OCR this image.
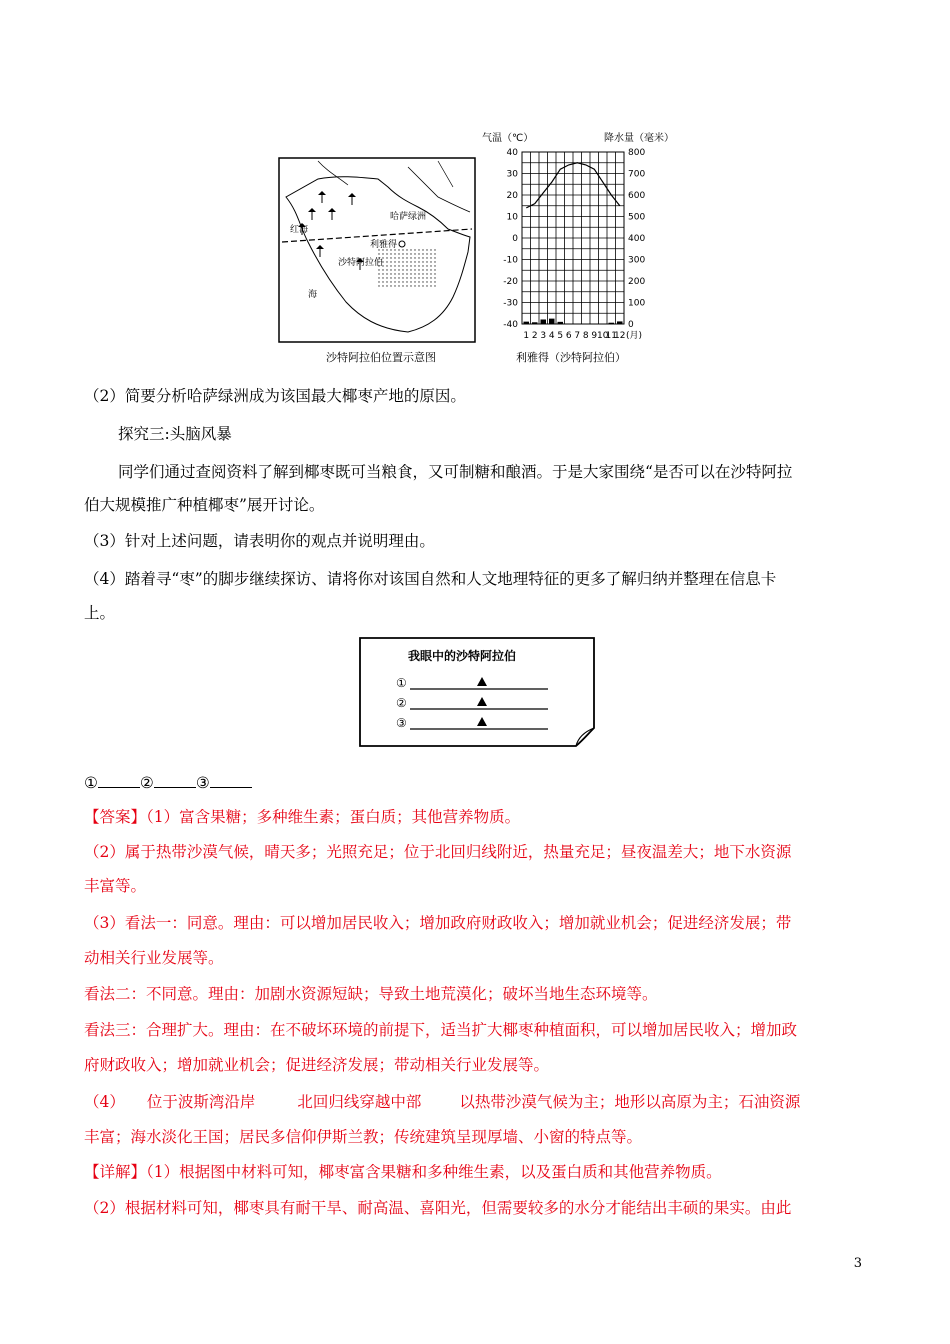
红海
海
哈萨绿洲
利雅得
沙特阿拉伯
沙特阿拉伯位置示意图
气温（℃）	降水量（毫米）
40
30
20
10
0
-10
-20
-30
-40
800
700
600
500
400
300
200
100
0
1 2 3 4 5 6 7 8 9 10
11
12 (月)
利雅得（沙特阿拉伯）
（2）简要分析哈萨绿洲成为该国最大椰枣产地的原因。
探究三:头脑风暴
同学们通过查阅资料了解到椰枣既可当粮食，又可制糖和酿酒。于是大家围绕“是否可以在沙特阿拉
伯大规模推广种植椰枣”展开讨论。
（3）针对上述问题，请表明你的观点并说明理由。
（4）踏着寻“枣”的脚步继续探访、请将你对该国自然和人文地理特征的更多了解归纳并整理在信息卡
上。
我眼中的沙特阿拉伯
①
②
③
①	②	③
【答案】（1）富含果糖；多种维生素；蛋白质；其他营养物质。
（2）属于热带沙漠气候，晴天多；光照充足；位于北回归线附近，热量充足；昼夜温差大；地下水资源
丰富等。
（3）看法一：同意。理由：可以增加居民收入；增加政府财政收入；增加就业机会；促进经济发展；带
动相关行业发展等。
看法二：不同意。理由：加剧水资源短缺；导致土地荒漠化；破坏当地生态环境等。
看法三：合理扩大。理由：在不破坏环境的前提下，适当扩大椰枣种植面积，可以增加居民收入；增加政
府财政收入；增加就业机会；促进经济发展；带动相关行业发展等。
（4） 位于波斯湾沿岸	北回归线穿越中部 以热带沙漠气候为主；地形以高原为主；石油资源
丰富；海水淡化王国；居民多信仰伊斯兰教；传统建筑呈现厚墙、小窗的特点等。
【详解】（1）根据图中材料可知，椰枣富含果糖和多种维生素，以及蛋白质和其他营养物质。
（2）根据材料可知，椰枣具有耐干旱、耐高温、喜阳光，但需要较多的水分才能结出丰硕的果实。由此
3
